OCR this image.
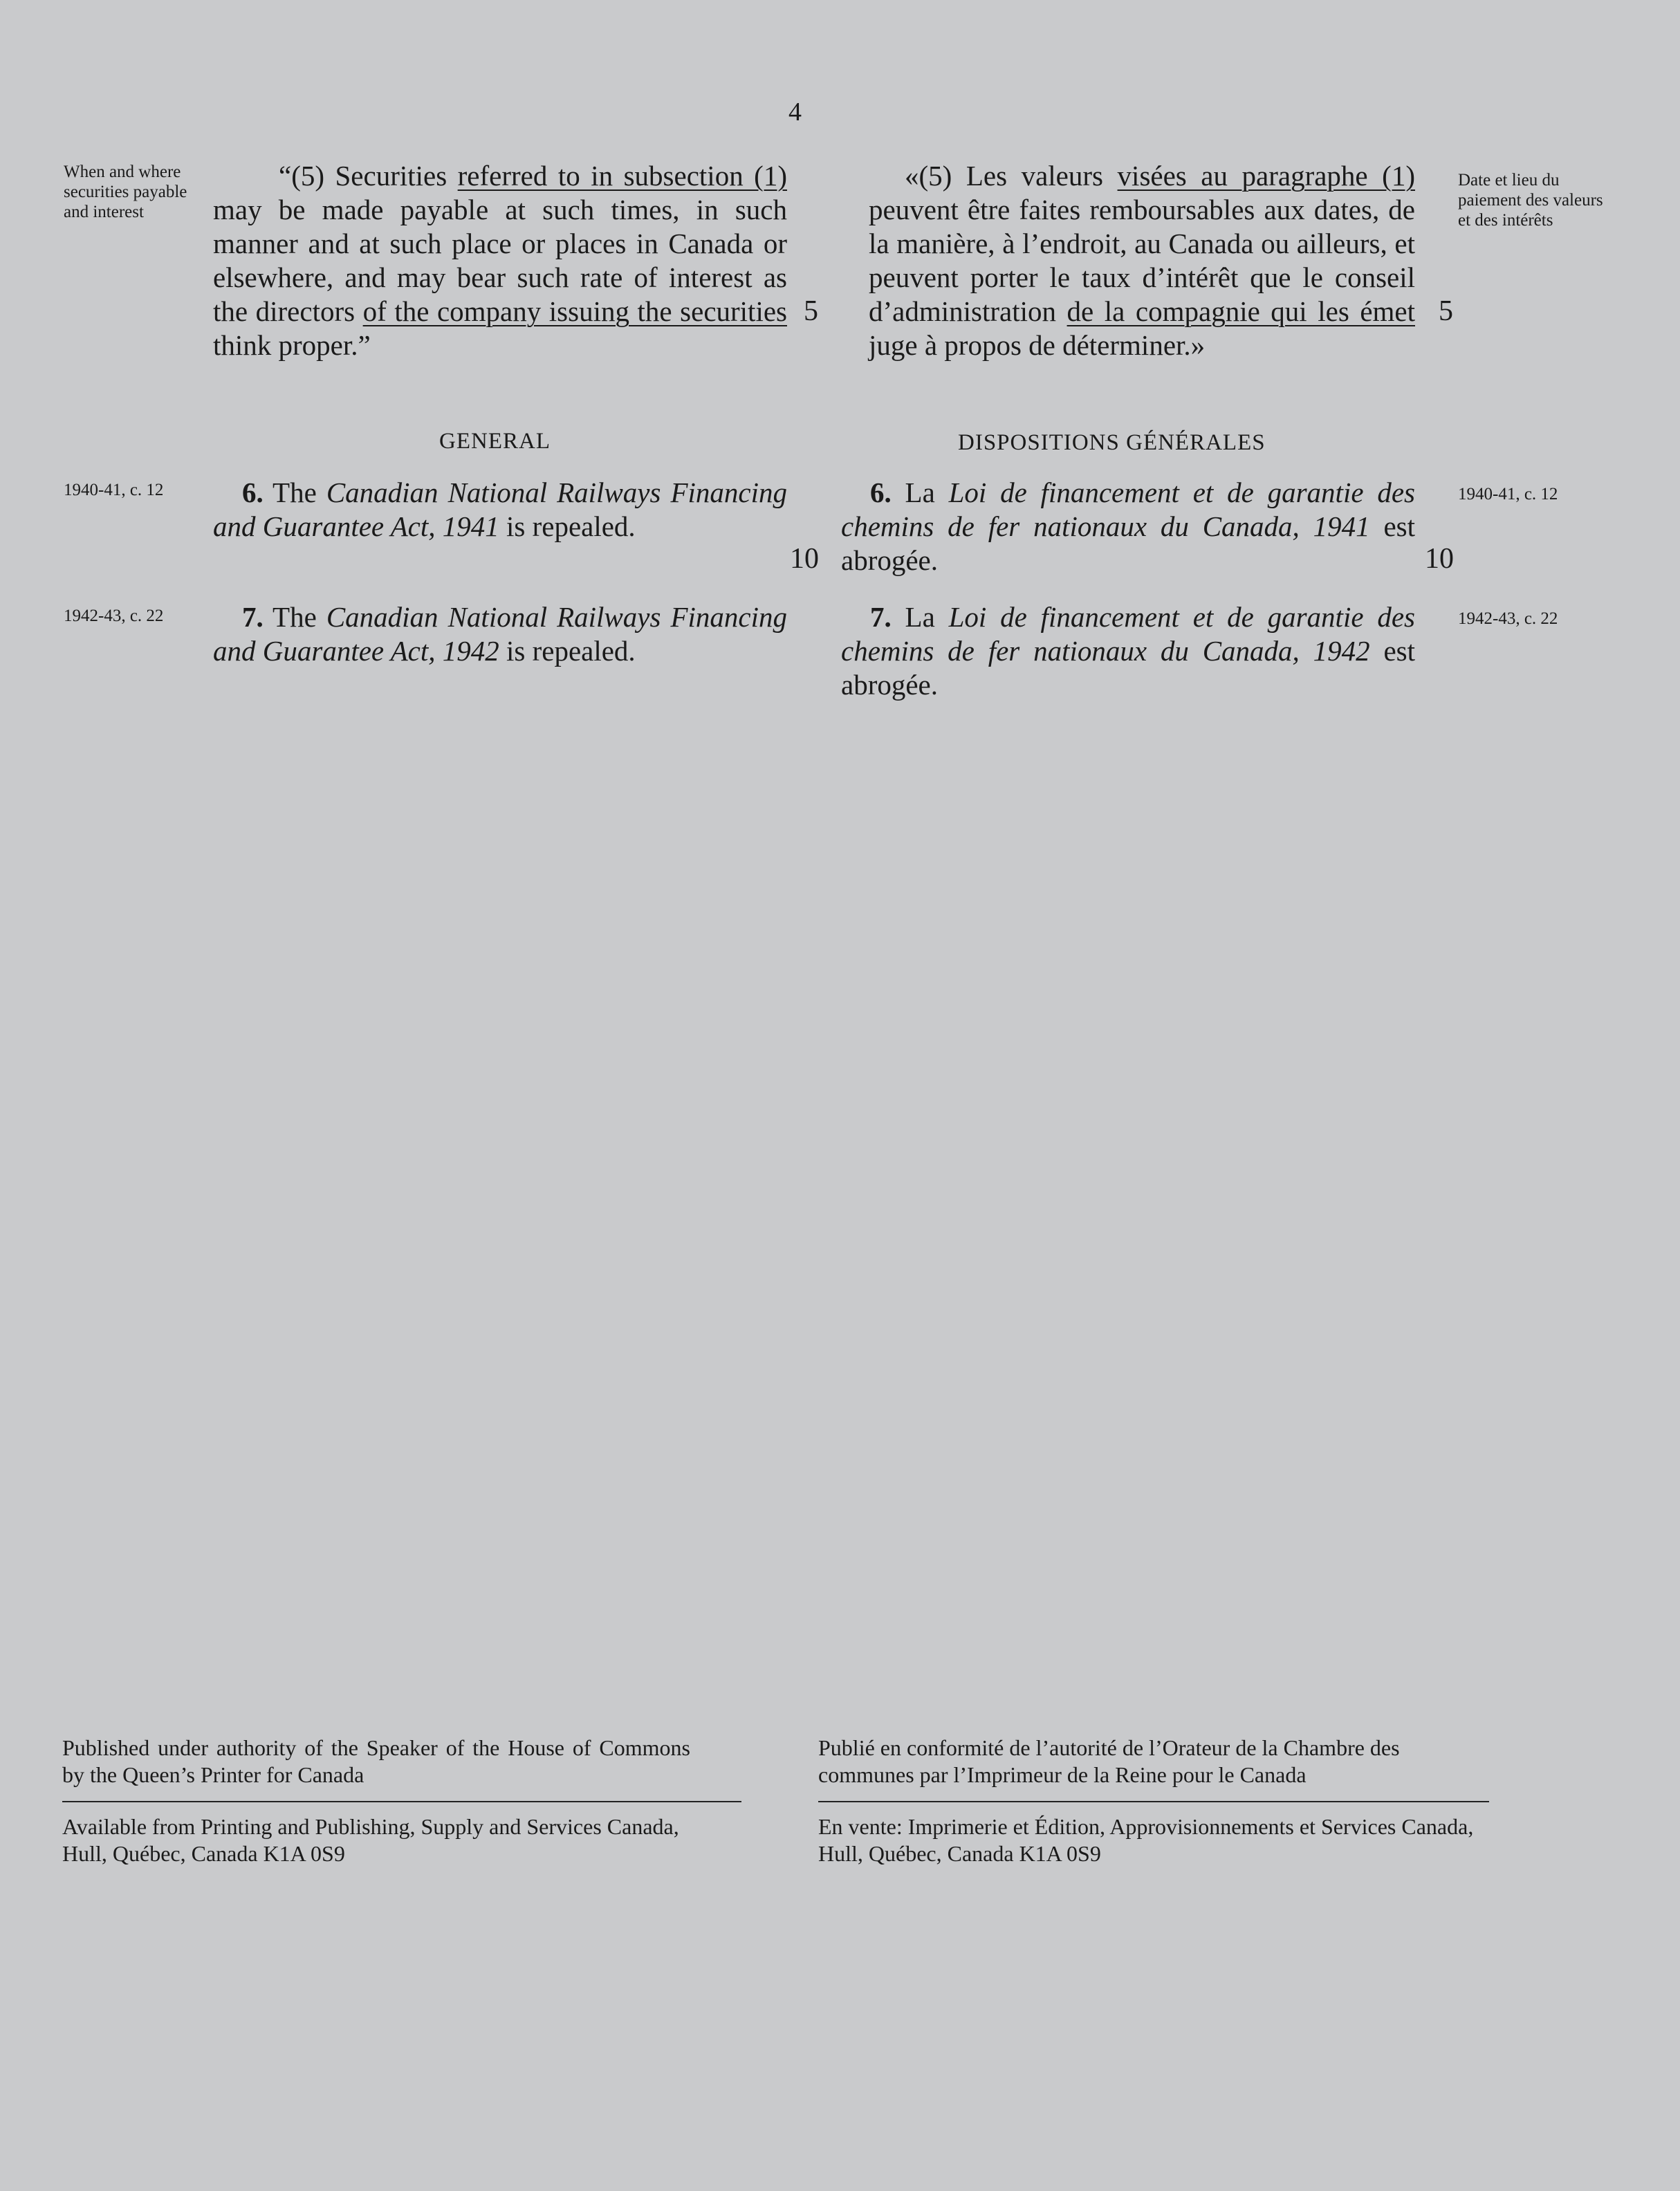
4
When and where securities payable and interest

“(5) Securities referred to in subsection (1) may be made payable at such times, in such manner and at such place or places in Canada or elsewhere, and may bear such rate of interest as the directors of the company issuing the securities think proper.”

5
GENERAL
1940-41, c. 12	6. The Canadian National Railways Financing and Guarantee Act, 1941 is repealed.

10
1942-43, c. 22	7. The Canadian National Railways Financing and Guarantee Act, 1942 is repealed.

«(5) Les valeurs visées au paragraphe (1) peuvent être faites remboursables aux dates, de la manière, à l’endroit, au Canada ou ailleurs, et peuvent porter le taux d’intérêt que le conseil d’administration de la compagnie qui les émet juge à propos de déterminer.»

Date et lieu du paiement des valeurs et des intérêts
5
DISPOSITIONS GÉNÉRALES

6. La Loi de financement et de garantie des chemins de fer nationaux du Canada, 1941 est abrogée.

1940-41, c. 12
10

7. La Loi de financement et de garantie des chemins de fer nationaux du Canada, 1942 est abrogée.

1942-43, c. 22

Published under authority of the Speaker of the House of Commons by the Queen’s Printer for Canada

Available from Printing and Publishing, Supply and Services Canada, Hull, Québec, Canada K1A 0S9

Publié en conformité de l’autorité de l’Orateur de la Chambre des communes par l’Imprimeur de la Reine pour le Canada

En vente: Imprimerie et Édition, Approvisionnements et Services Canada, Hull, Québec, Canada K1A 0S9
